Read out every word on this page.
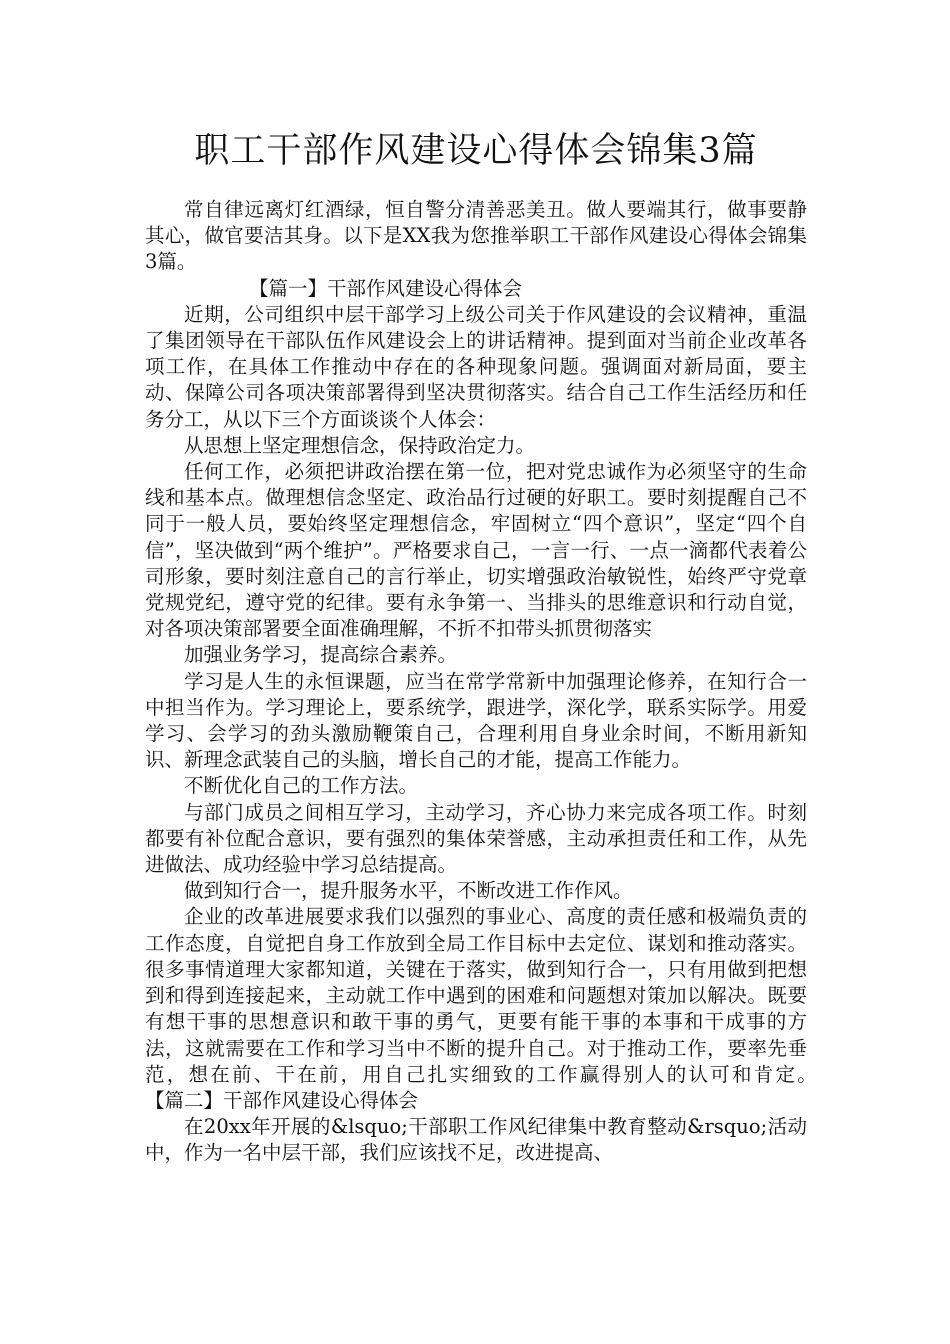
职工干部作风建设心得体会锦集3篇

常自律远离灯红酒绿，恒自警分清善恶美丑。做人要端其行，做事要静其心，做官要洁其身。以下是XX我为您推举职工干部作风建设心得体会锦集3篇。

【篇一】干部作风建设心得体会

近期，公司组织中层干部学习上级公司关于作风建设的会议精神，重温了集团领导在干部队伍作风建设会上的讲话精神。提到面对当前企业改革各项工作，在具体工作推动中存在的各种现象问题。强调面对新局面，要主动、保障公司各项决策部署得到坚决贯彻落实。结合自己工作生活经历和任务分工，从以下三个方面谈谈个人体会：

从思想上坚定理想信念，保持政治定力。

任何工作，必须把讲政治摆在第一位，把对党忠诚作为必须坚守的生命线和基本点。做理想信念坚定、政治品行过硬的好职工。要时刻提醒自己不同于一般人员，要始终坚定理想信念，牢固树立“四个意识”，坚定“四个自信”，坚决做到“两个维护”。严格要求自己，一言一行、一点一滴都代表着公司形象，要时刻注意自己的言行举止，切实增强政治敏锐性，始终严守党章党规党纪，遵守党的纪律。要有永争第一、当排头的思维意识和行动自觉，对各项决策部署要全面准确理解，不折不扣带头抓贯彻落实

加强业务学习，提高综合素养。

学习是人生的永恒课题，应当在常学常新中加强理论修养，在知行合一中担当作为。学习理论上，要系统学，跟进学，深化学，联系实际学。用爱学习、会学习的劲头激励鞭策自己，合理利用自身业余时间，不断用新知识、新理念武装自己的头脑，增长自己的才能，提高工作能力。

不断优化自己的工作方法。

与部门成员之间相互学习，主动学习，齐心协力来完成各项工作。时刻都要有补位配合意识，要有强烈的集体荣誉感，主动承担责任和工作，从先进做法、成功经验中学习总结提高。

做到知行合一，提升服务水平，不断改进工作作风。

企业的改革进展要求我们以强烈的事业心、高度的责任感和极端负责的工作态度，自觉把自身工作放到全局工作目标中去定位、谋划和推动落实。很多事情道理大家都知道，关键在于落实，做到知行合一，只有用做到把想到和得到连接起来，主动就工作中遇到的困难和问题想对策加以解决。既要有想干事的思想意识和敢干事的勇气，更要有能干事的本事和干成事的方法，这就需要在工作和学习当中不断的提升自己。对于推动工作，要率先垂范，想在前、干在前，用自己扎实细致的工作赢得别人的认可和肯定。　　【篇二】干部作风建设心得体会

在20xx年开展的&lsquo;干部职工作风纪律集中教育整动&rsquo;活动中，作为一名中层干部，我们应该找不足，改进提高、
